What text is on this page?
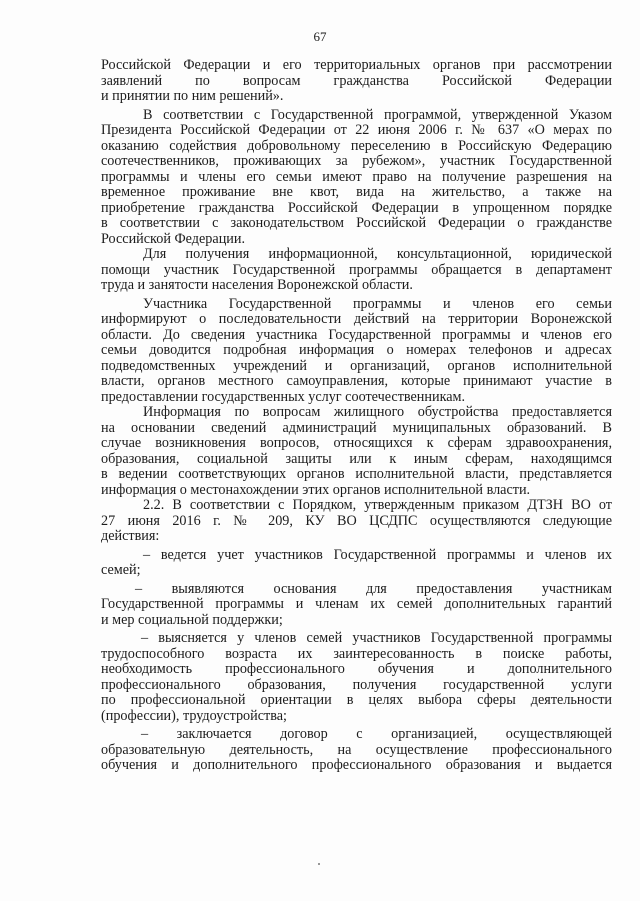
67
Российской Федерации и его территориальных органов при рассмотрении
заявлений по вопросам гражданства Российской Федерации
и принятии по ним решений».
В соответствии с Государственной программой, утвержденной Указом
Президента Российской Федерации от 22 июня 2006 г. № 637 «О мерах по
оказанию содействия добровольному переселению в Российскую Федерацию
соотечественников, проживающих за рубежом», участник Государственной
программы и члены его семьи имеют право на получение разрешения на
временное проживание вне квот, вида на жительство, а также на
приобретение гражданства Российской Федерации в упрощенном порядке
в соответствии с законодательством Российской Федерации о гражданстве
Российской Федерации.
Для получения информационной, консультационной, юридической
помощи участник Государственной программы обращается в департамент
труда и занятости населения Воронежской области.
Участника Государственной программы и членов его семьи
информируют о последовательности действий на территории Воронежской
области. До сведения участника Государственной программы и членов его
семьи доводится подробная информация о номерах телефонов и адресах
подведомственных учреждений и организаций, органов исполнительной
власти, органов местного самоуправления, которые принимают участие в
предоставлении государственных услуг соотечественникам.
Информация по вопросам жилищного обустройства предоставляется
на основании сведений администраций муниципальных образований. В
случае возникновения вопросов, относящихся к сферам здравоохранения,
образования, социальной защиты или к иным сферам, находящимся
в ведении соответствующих органов исполнительной власти, представляется
информация о местонахождении этих органов исполнительной власти.
2.2. В соответствии с Порядком, утвержденным приказом ДТЗН ВО от
27 июня 2016 г. № 209, КУ ВО ЦСДПС осуществляются следующие
действия:
– ведется учет участников Государственной программы и членов их
семей;
– выявляются основания для предоставления участникам
Государственной программы и членам их семей дополнительных гарантий
и мер социальной поддержки;
– выясняется у членов семей участников Государственной программы
трудоспособного возраста их заинтересованность в поиске работы,
необходимость профессионального обучения и дополнительного
профессионального образования, получения государственной услуги
по профессиональной ориентации в целях выбора сферы деятельности
(профессии), трудоустройства;
– заключается договор с организацией, осуществляющей
образовательную деятельность, на осуществление профессионального
обучения и дополнительного профессионального образования и выдается
